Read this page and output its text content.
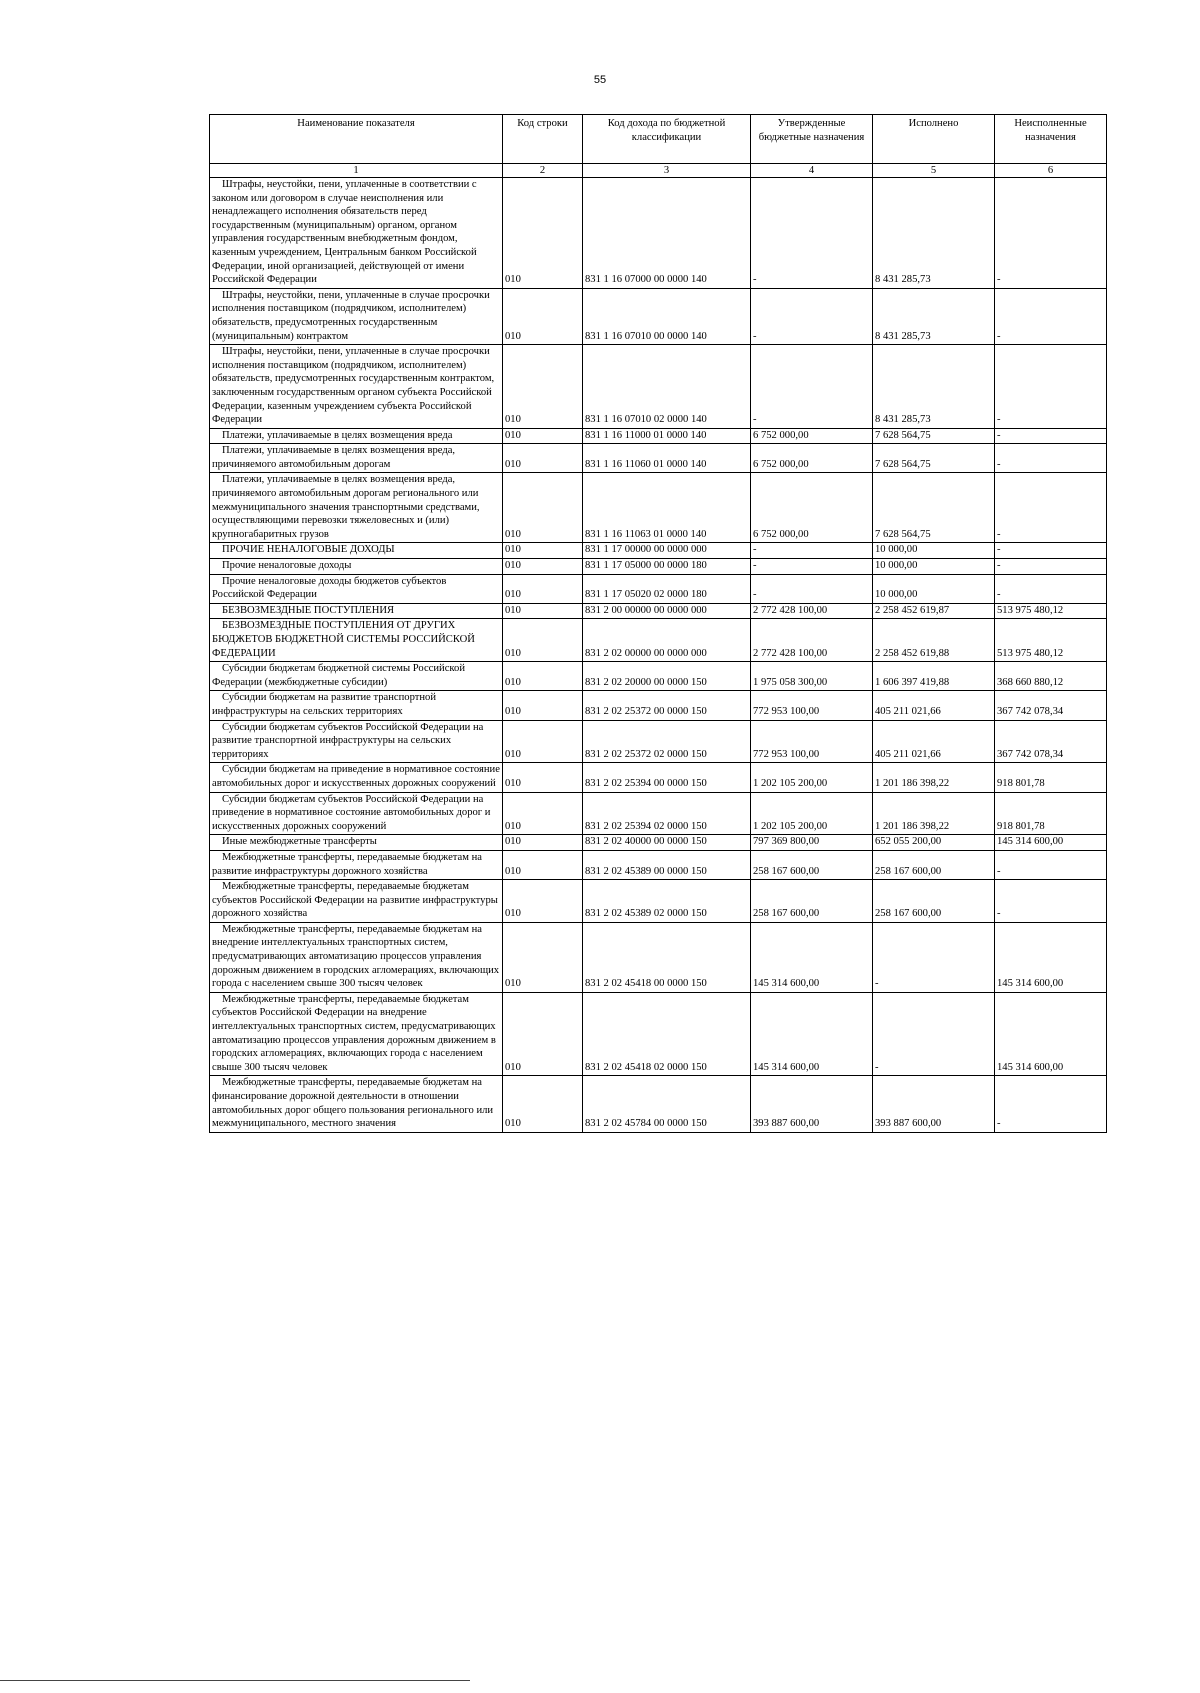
55
Наименование показателя	Код строки	Код дохода по бюджетной классификации	Утвержденные бюджетные назначения	Исполнено	Неисполненные назначения
1	2	3	4	5	6
Штрафы, неустойки, пени, уплаченные в соответствии с законом или договором в случае неисполнения или ненадлежащего исполнения обязательств перед государственным (муниципальным) органом, органом управления государственным внебюджетным фондом, казенным учреждением, Центральным банком Российской Федерации, иной организацией, действующей от имени Российской Федерации	010	831 1 16 07000 00 0000 140	-	8 431 285,73	-
Штрафы, неустойки, пени, уплаченные в случае просрочки исполнения поставщиком (подрядчиком, исполнителем) обязательств, предусмотренных государственным (муниципальным) контрактом	010	831 1 16 07010 00 0000 140	-	8 431 285,73	-
Штрафы, неустойки, пени, уплаченные в случае просрочки исполнения поставщиком (подрядчиком, исполнителем) обязательств, предусмотренных государственным контрактом, заключенным государственным органом субъекта Российской Федерации, казенным учреждением субъекта Российской Федерации	010	831 1 16 07010 02 0000 140	-	8 431 285,73	-
Платежи, уплачиваемые в целях возмещения вреда	010	831 1 16 11000 01 0000 140	6 752 000,00	7 628 564,75	-
Платежи, уплачиваемые в целях возмещения вреда, причиняемого автомобильным дорогам	010	831 1 16 11060 01 0000 140	6 752 000,00	7 628 564,75	-
Платежи, уплачиваемые в целях возмещения вреда, причиняемого автомобильным дорогам регионального или межмуниципального значения транспортными средствами, осуществляющими перевозки тяжеловесных и (или) крупногабаритных грузов	010	831 1 16 11063 01 0000 140	6 752 000,00	7 628 564,75	-
ПРОЧИЕ НЕНАЛОГОВЫЕ ДОХОДЫ	010	831 1 17 00000 00 0000 000	-	10 000,00	-
Прочие неналоговые доходы	010	831 1 17 05000 00 0000 180	-	10 000,00	-
Прочие неналоговые доходы бюджетов субъектов Российской Федерации	010	831 1 17 05020 02 0000 180	-	10 000,00	-
БЕЗВОЗМЕЗДНЫЕ ПОСТУПЛЕНИЯ	010	831 2 00 00000 00 0000 000	2 772 428 100,00	2 258 452 619,87	513 975 480,12
БЕЗВОЗМЕЗДНЫЕ ПОСТУПЛЕНИЯ ОТ ДРУГИХ БЮДЖЕТОВ БЮДЖЕТНОЙ СИСТЕМЫ РОССИЙСКОЙ ФЕДЕРАЦИИ	010	831 2 02 00000 00 0000 000	2 772 428 100,00	2 258 452 619,88	513 975 480,12
Субсидии бюджетам бюджетной системы Российской Федерации (межбюджетные субсидии)	010	831 2 02 20000 00 0000 150	1 975 058 300,00	1 606 397 419,88	368 660 880,12
Субсидии бюджетам на развитие транспортной инфраструктуры на сельских территориях	010	831 2 02 25372 00 0000 150	772 953 100,00	405 211 021,66	367 742 078,34
Субсидии бюджетам субъектов Российской Федерации на развитие транспортной инфраструктуры на сельских территориях	010	831 2 02 25372 02 0000 150	772 953 100,00	405 211 021,66	367 742 078,34
Субсидии бюджетам на приведение в нормативное состояние автомобильных дорог и искусственных дорожных сооружений	010	831 2 02 25394 00 0000 150	1 202 105 200,00	1 201 186 398,22	918 801,78
Субсидии бюджетам субъектов Российской Федерации на приведение в нормативное состояние автомобильных дорог и искусственных дорожных сооружений	010	831 2 02 25394 02 0000 150	1 202 105 200,00	1 201 186 398,22	918 801,78
Иные межбюджетные трансферты	010	831 2 02 40000 00 0000 150	797 369 800,00	652 055 200,00	145 314 600,00
Межбюджетные трансферты, передаваемые бюджетам на развитие инфраструктуры дорожного хозяйства	010	831 2 02 45389 00 0000 150	258 167 600,00	258 167 600,00	-
Межбюджетные трансферты, передаваемые бюджетам субъектов Российской Федерации на развитие инфраструктуры дорожного хозяйства	010	831 2 02 45389 02 0000 150	258 167 600,00	258 167 600,00	-
Межбюджетные трансферты, передаваемые бюджетам на внедрение интеллектуальных транспортных систем, предусматривающих автоматизацию процессов управления дорожным движением в городских агломерациях, включающих города с населением свыше 300 тысяч человек	010	831 2 02 45418 00 0000 150	145 314 600,00	-	145 314 600,00
Межбюджетные трансферты, передаваемые бюджетам субъектов Российской Федерации на внедрение интеллектуальных транспортных систем, предусматривающих автоматизацию процессов управления дорожным движением в городских агломерациях, включающих города с населением свыше 300 тысяч человек	010	831 2 02 45418 02 0000 150	145 314 600,00	-	145 314 600,00
Межбюджетные трансферты, передаваемые бюджетам на финансирование дорожной деятельности в отношении автомобильных дорог общего пользования регионального или межмуниципального, местного значения	010	831 2 02 45784 00 0000 150	393 887 600,00	393 887 600,00	-
